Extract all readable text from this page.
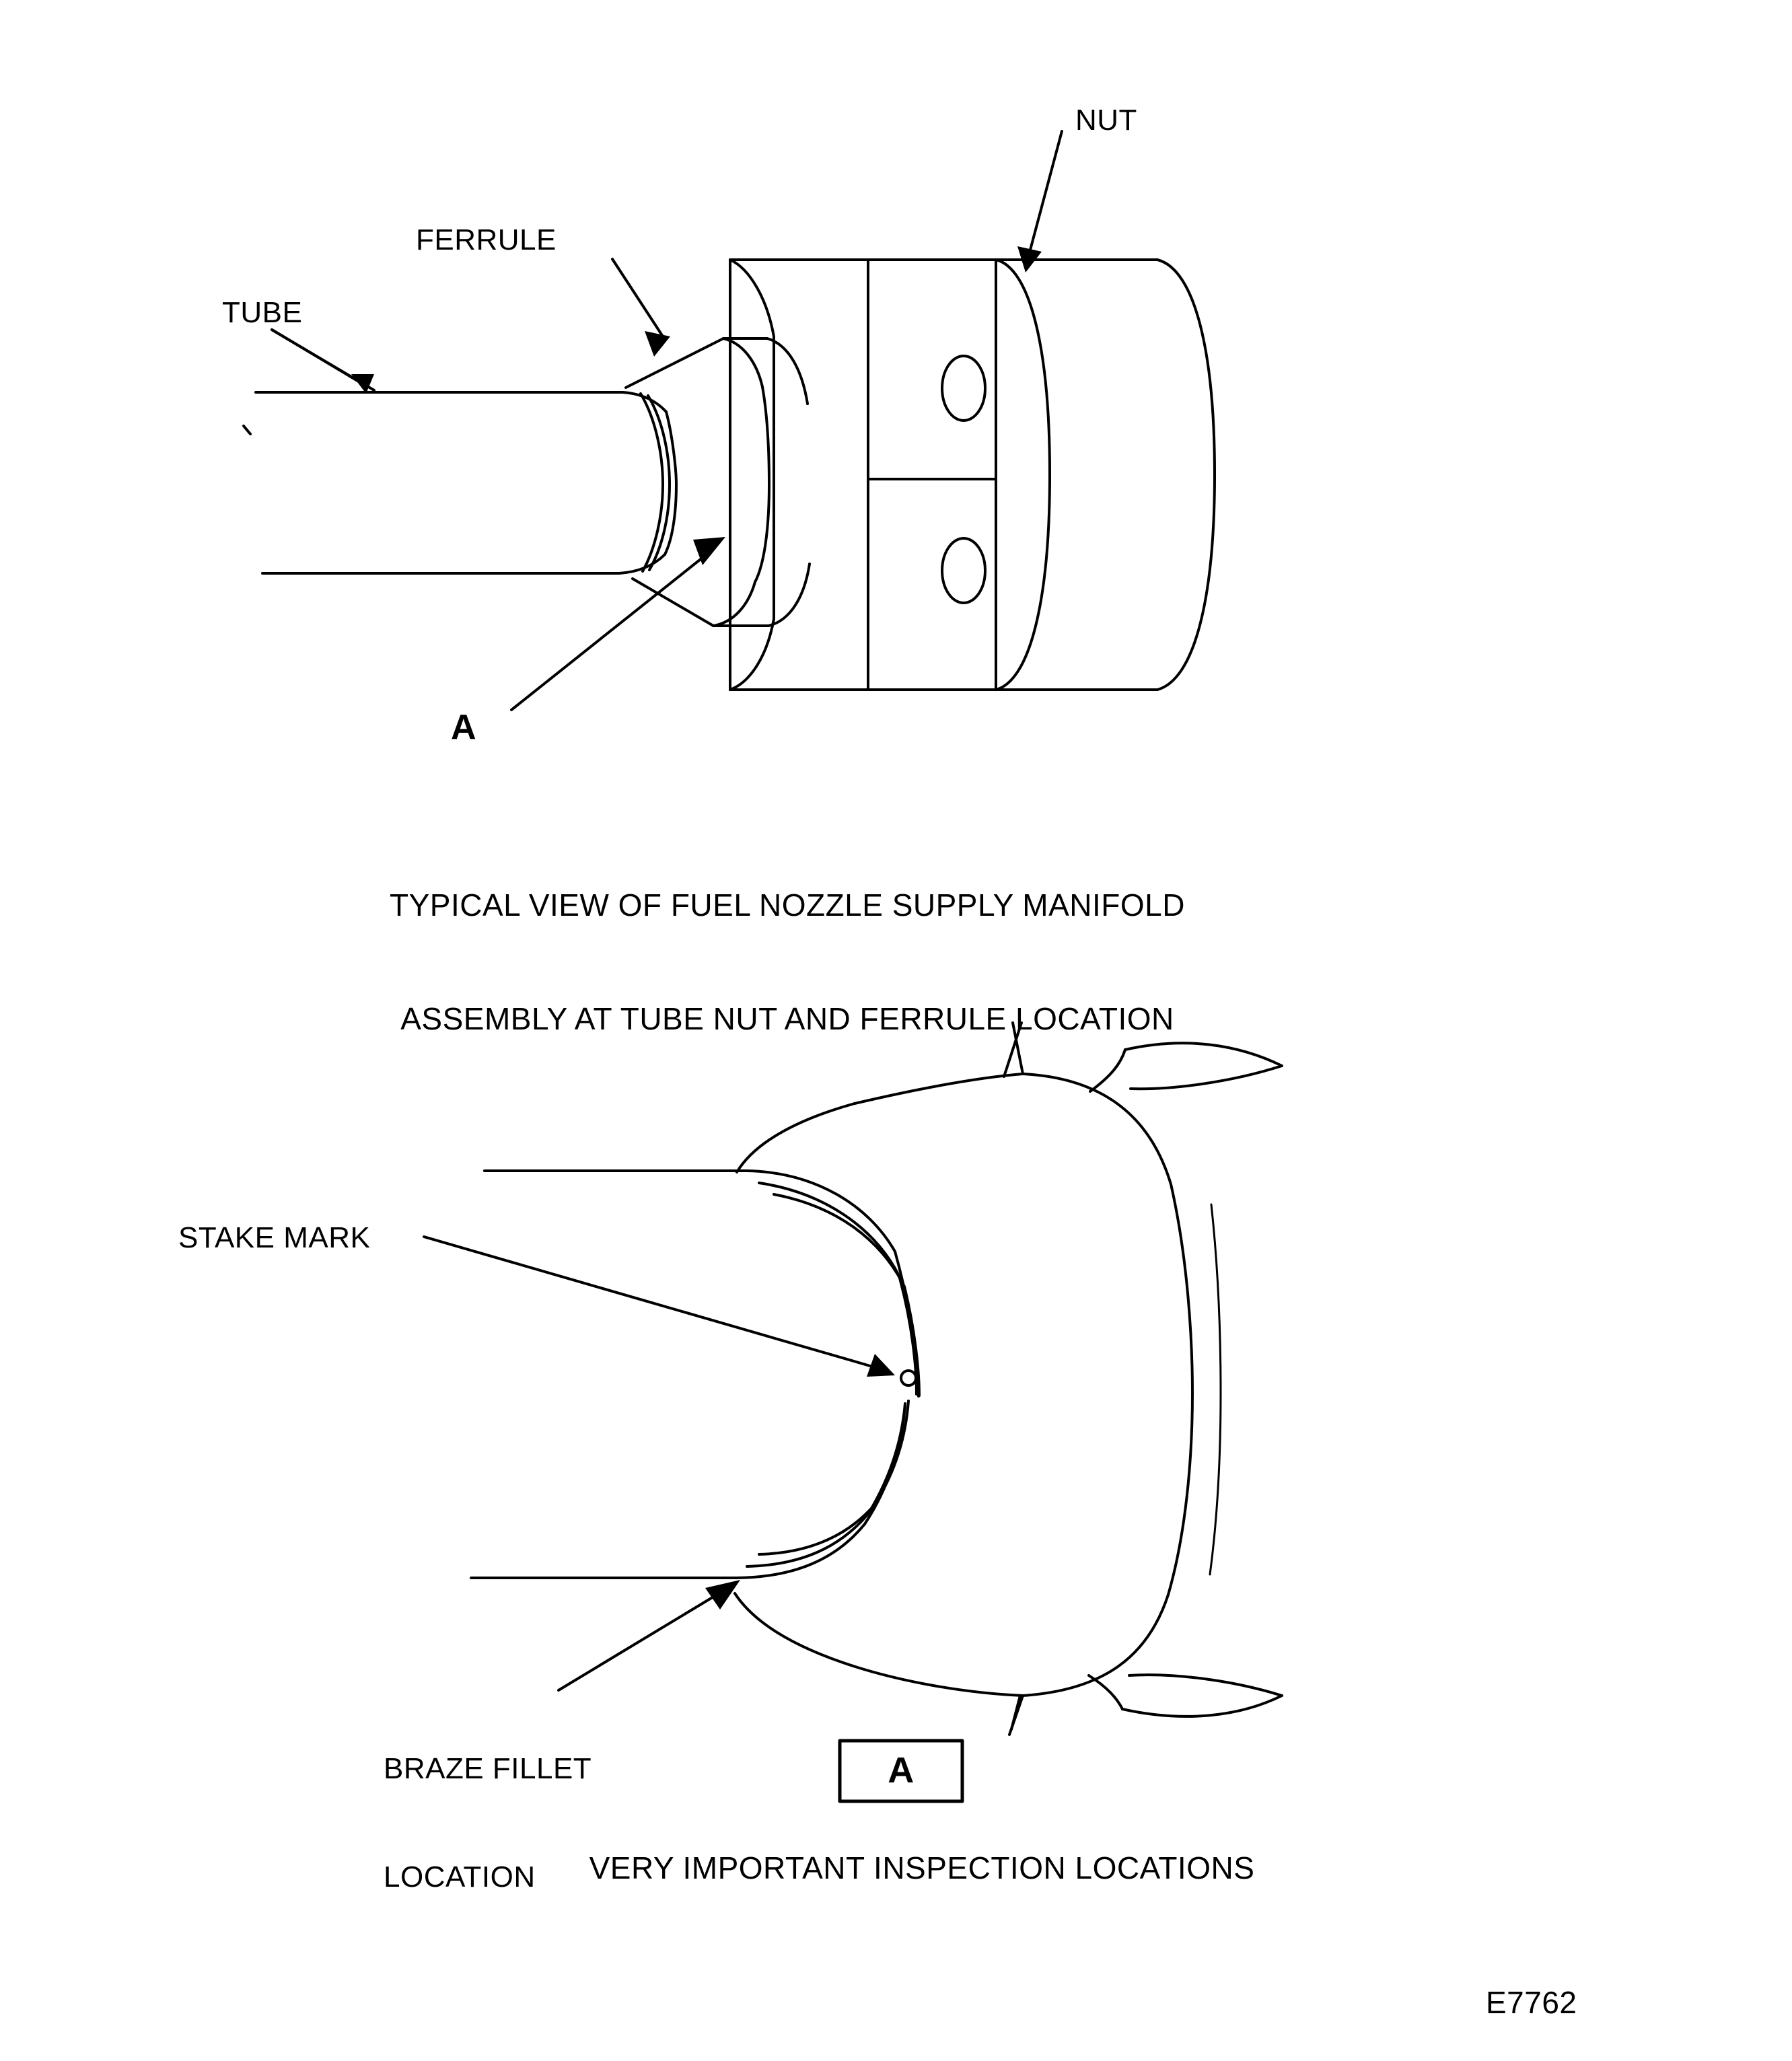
TUBE
FERRULE
NUT
A

TYPICAL VIEW OF FUEL NOZZLE SUPPLY MANIFOLD

ASSEMBLY AT TUBE NUT AND FERRULE LOCATION

STAKE MARK

BRAZE FILLET

LOCATION

A
VERY IMPORTANT INSPECTION LOCATIONS
E7762
